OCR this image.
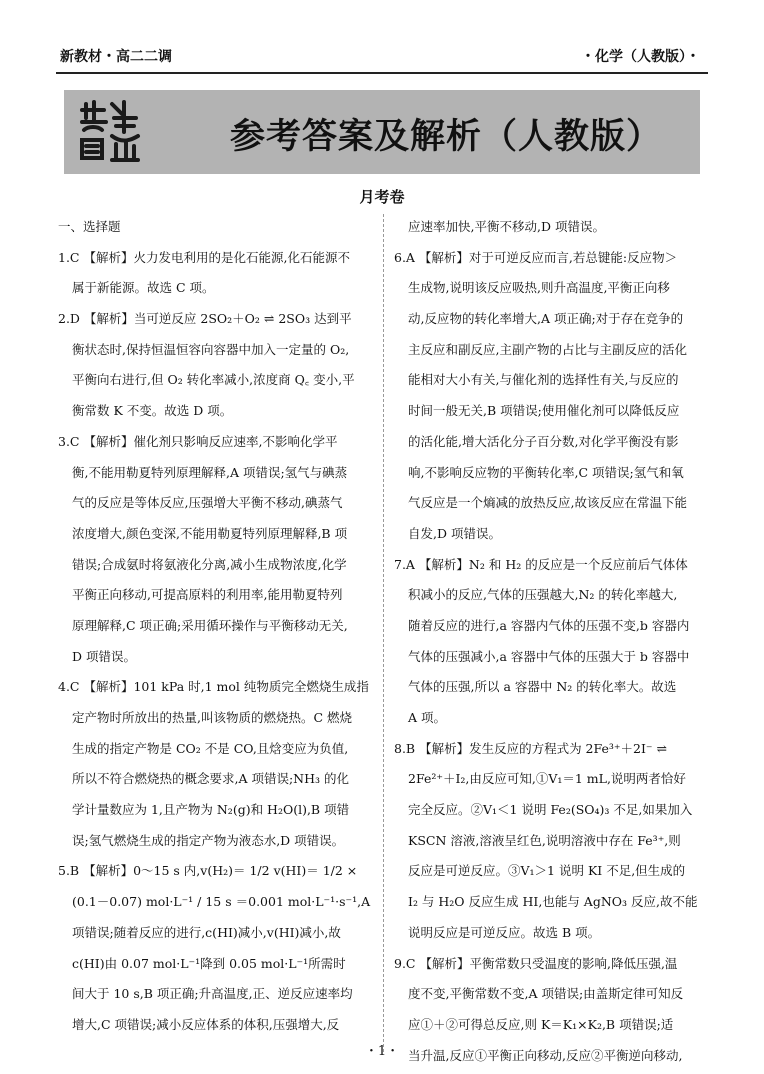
新教材・高二二调	・化学（人教版）・
参考答案及解析（人教版）
月考卷
一、选择题
1.C 【解析】火力发电利用的是化石能源,化石能源不
属于新能源。故选 C 项。
2.D 【解析】当可逆反应 2SO₂＋O₂ ⇌ 2SO₃ 达到平
衡状态时,保持恒温恒容向容器中加入一定量的 O₂,
平衡向右进行,但 O₂ 转化率减小,浓度商 Q꜀ 变小,平
衡常数 K 不变。故选 D 项。
3.C 【解析】催化剂只影响反应速率,不影响化学平
衡,不能用勒夏特列原理解释,A 项错误;氢气与碘蒸
气的反应是等体反应,压强增大平衡不移动,碘蒸气
浓度增大,颜色变深,不能用勒夏特列原理解释,B 项
错误;合成氨时将氨液化分离,减小生成物浓度,化学
平衡正向移动,可提高原料的利用率,能用勒夏特列
原理解释,C 项正确;采用循环操作与平衡移动无关,
D 项错误。
4.C 【解析】101 kPa 时,1 mol 纯物质完全燃烧生成指
定产物时所放出的热量,叫该物质的燃烧热。C 燃烧
生成的指定产物是 CO₂ 不是 CO,且焓变应为负值,
所以不符合燃烧热的概念要求,A 项错误;NH₃ 的化
学计量数应为 1,且产物为 N₂(g)和 H₂O(l),B 项错
误;氢气燃烧生成的指定产物为液态水,D 项错误。
5.B 【解析】0～15 s 内,v(H₂)＝ 1/2 v(HI)＝ 1/2 ×
(0.1－0.07) mol·L⁻¹ / 15 s ＝0.001 mol·L⁻¹·s⁻¹,A
项错误;随着反应的进行,c(HI)减小,v(HI)减小,故
c(HI)由 0.07 mol·L⁻¹降到 0.05 mol·L⁻¹所需时
间大于 10 s,B 项正确;升高温度,正、逆反应速率均
增大,C 项错误;减小反应体系的体积,压强增大,反
应速率加快,平衡不移动,D 项错误。
6.A 【解析】对于可逆反应而言,若总键能:反应物＞
生成物,说明该反应吸热,则升高温度,平衡正向移
动,反应物的转化率增大,A 项正确;对于存在竞争的
主反应和副反应,主副产物的占比与主副反应的活化
能相对大小有关,与催化剂的选择性有关,与反应的
时间一般无关,B 项错误;使用催化剂可以降低反应
的活化能,增大活化分子百分数,对化学平衡没有影
响,不影响反应物的平衡转化率,C 项错误;氢气和氧
气反应是一个熵减的放热反应,故该反应在常温下能
自发,D 项错误。
7.A 【解析】N₂ 和 H₂ 的反应是一个反应前后气体体
积减小的反应,气体的压强越大,N₂ 的转化率越大,
随着反应的进行,a 容器内气体的压强不变,b 容器内
气体的压强减小,a 容器中气体的压强大于 b 容器中
气体的压强,所以 a 容器中 N₂ 的转化率大。故选
A 项。
8.B 【解析】发生反应的方程式为 2Fe³⁺＋2I⁻ ⇌
2Fe²⁺＋I₂,由反应可知,①V₁＝1 mL,说明两者恰好
完全反应。②V₁＜1 说明 Fe₂(SO₄)₃ 不足,如果加入
KSCN 溶液,溶液呈红色,说明溶液中存在 Fe³⁺,则
反应是可逆反应。③V₁＞1 说明 KI 不足,但生成的
I₂ 与 H₂O 反应生成 HI,也能与 AgNO₃ 反应,故不能
说明反应是可逆反应。故选 B 项。
9.C 【解析】平衡常数只受温度的影响,降低压强,温
度不变,平衡常数不变,A 项错误;由盖斯定律可知反
应①＋②可得总反应,则 K＝K₁×K₂,B 项错误;适
当升温,反应①平衡正向移动,反应②平衡逆向移动,
・1・
